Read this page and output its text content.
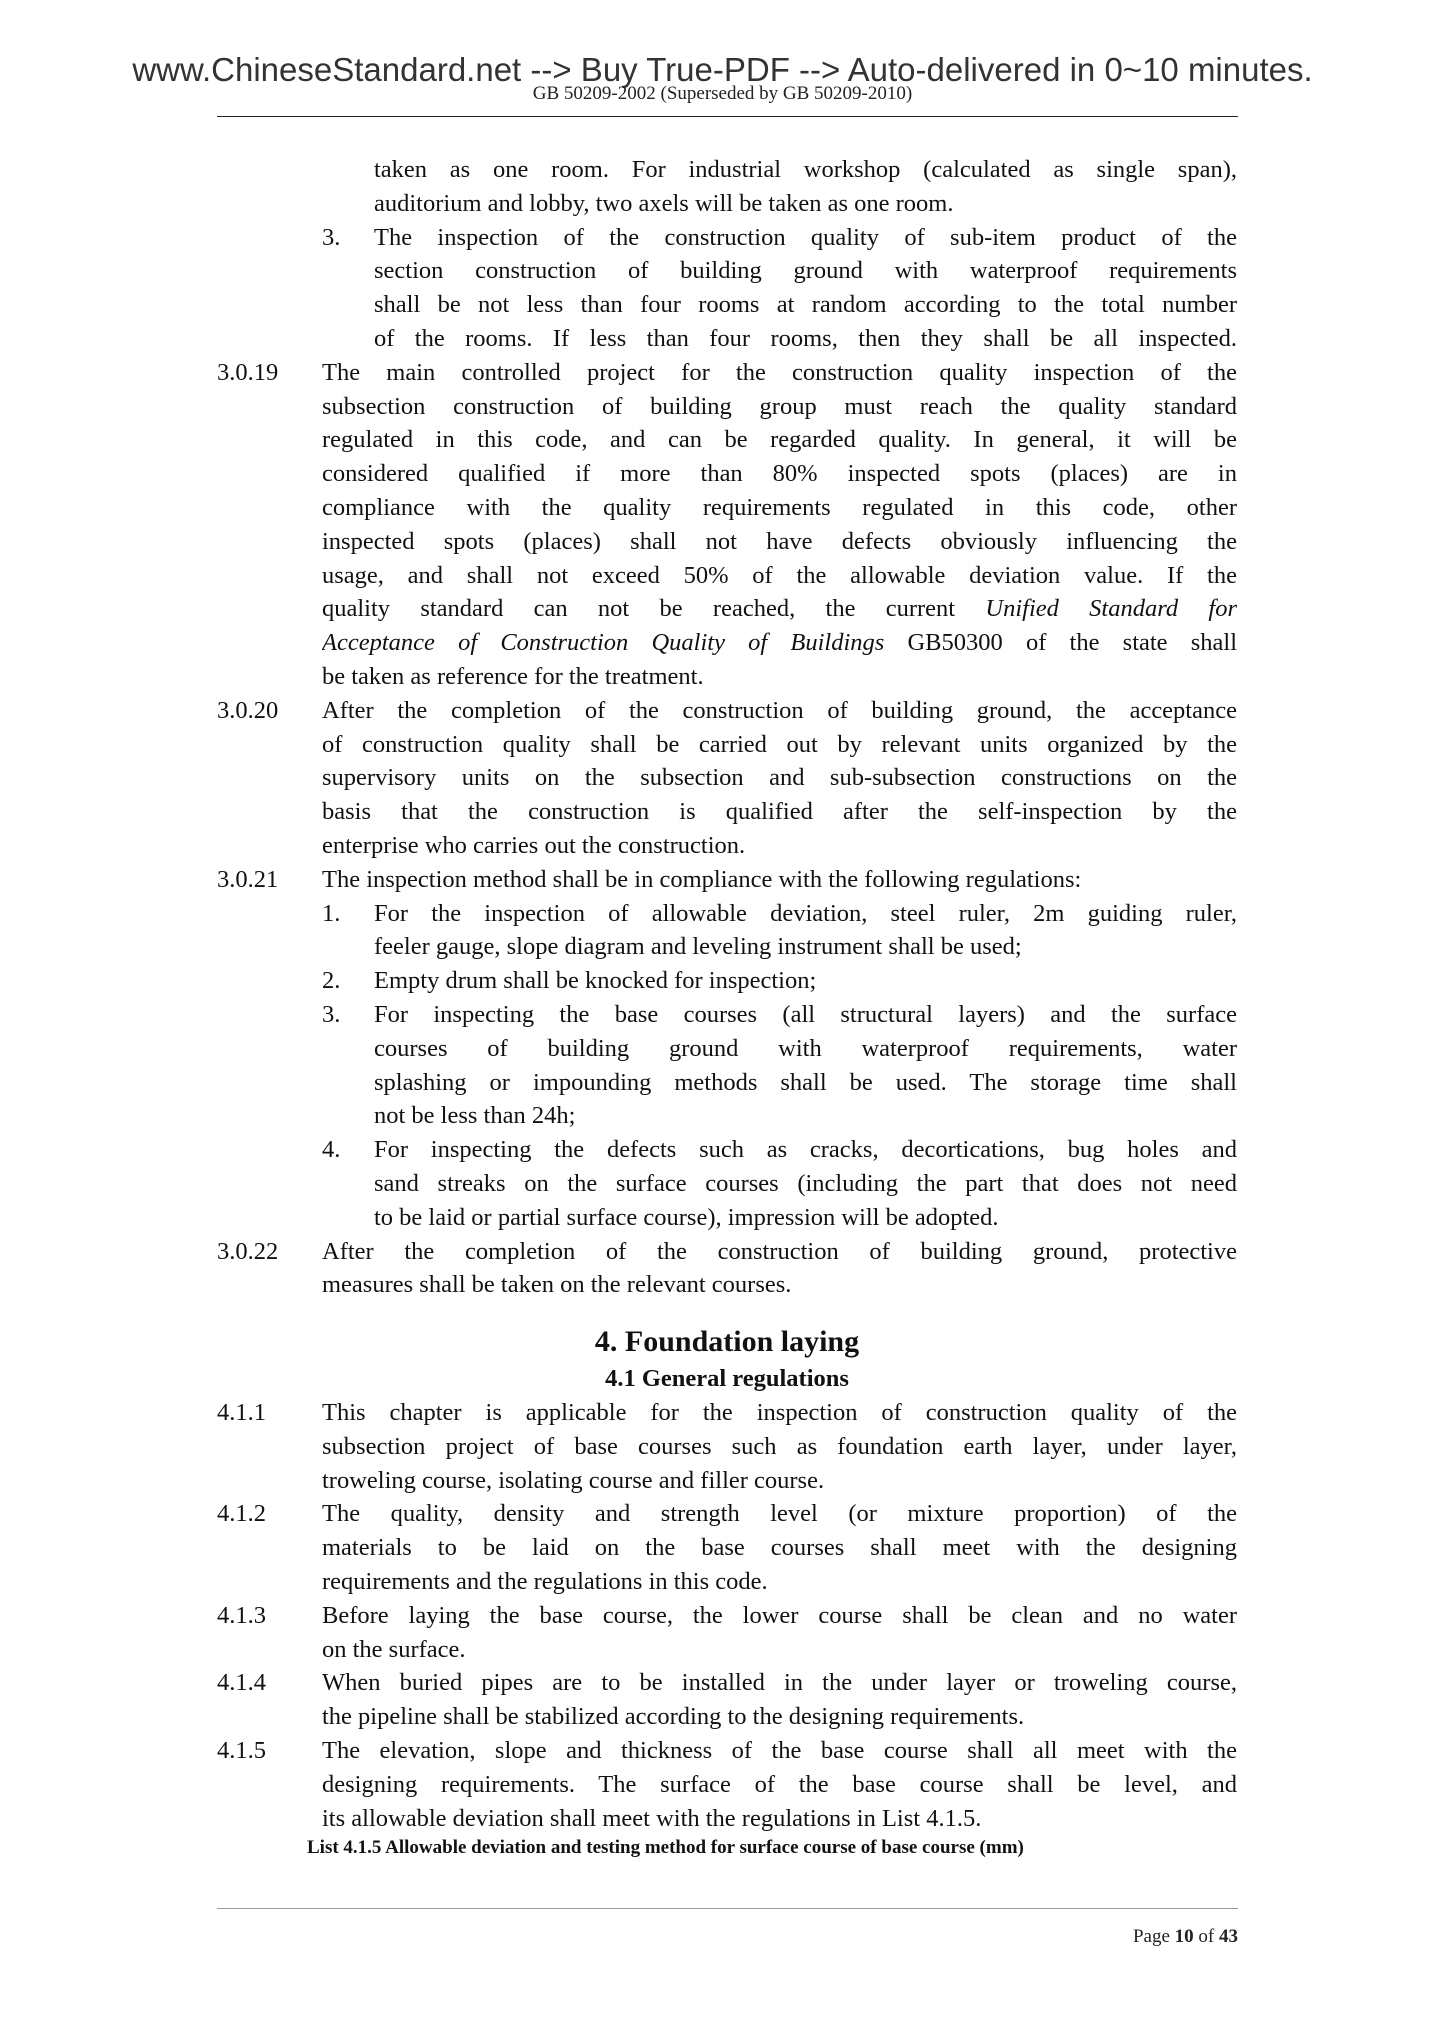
www.ChineseStandard.net --> Buy True-PDF --> Auto-delivered in 0~10 minutes.
GB 50209-2002 (Superseded by GB 50209-2010)
taken as one room. For industrial workshop (calculated as single span),
auditorium and lobby, two axels will be taken as one room.
3. The inspection of the construction quality of sub-item product of the
section construction of building ground with waterproof requirements
shall be not less than four rooms at random according to the total number
of the rooms. If less than four rooms, then they shall be all inspected.
3.0.19 The main controlled project for the construction quality inspection of the
subsection construction of building group must reach the quality standard
regulated in this code, and can be regarded quality. In general, it will be
considered qualified if more than 80% inspected spots (places) are in
compliance with the quality requirements regulated in this code, other
inspected spots (places) shall not have defects obviously influencing the
usage, and shall not exceed 50% of the allowable deviation value. If the
quality standard can not be reached, the current Unified Standard for
Acceptance of Construction Quality of Buildings GB50300 of the state shall
be taken as reference for the treatment.
3.0.20 After the completion of the construction of building ground, the acceptance
of construction quality shall be carried out by relevant units organized by the
supervisory units on the subsection and sub-subsection constructions on the
basis that the construction is qualified after the self-inspection by the
enterprise who carries out the construction.
3.0.21 The inspection method shall be in compliance with the following regulations:
1. For the inspection of allowable deviation, steel ruler, 2m guiding ruler,
feeler gauge, slope diagram and leveling instrument shall be used;
2. Empty drum shall be knocked for inspection;
3. For inspecting the base courses (all structural layers) and the surface
courses of building ground with waterproof requirements, water
splashing or impounding methods shall be used. The storage time shall
not be less than 24h;
4. For inspecting the defects such as cracks, decortications, bug holes and
sand streaks on the surface courses (including the part that does not need
to be laid or partial surface course), impression will be adopted.
3.0.22 After the completion of the construction of building ground, protective
measures shall be taken on the relevant courses.
4. Foundation laying
4.1 General regulations
4.1.1 This chapter is applicable for the inspection of construction quality of the
subsection project of base courses such as foundation earth layer, under layer,
troweling course, isolating course and filler course.
4.1.2 The quality, density and strength level (or mixture proportion) of the
materials to be laid on the base courses shall meet with the designing
requirements and the regulations in this code.
4.1.3 Before laying the base course, the lower course shall be clean and no water
on the surface.
4.1.4 When buried pipes are to be installed in the under layer or troweling course,
the pipeline shall be stabilized according to the designing requirements.
4.1.5 The elevation, slope and thickness of the base course shall all meet with the
designing requirements. The surface of the base course shall be level, and
its allowable deviation shall meet with the regulations in List 4.1.5.
List 4.1.5 Allowable deviation and testing method for surface course of base course (mm)
Page 10 of 43
